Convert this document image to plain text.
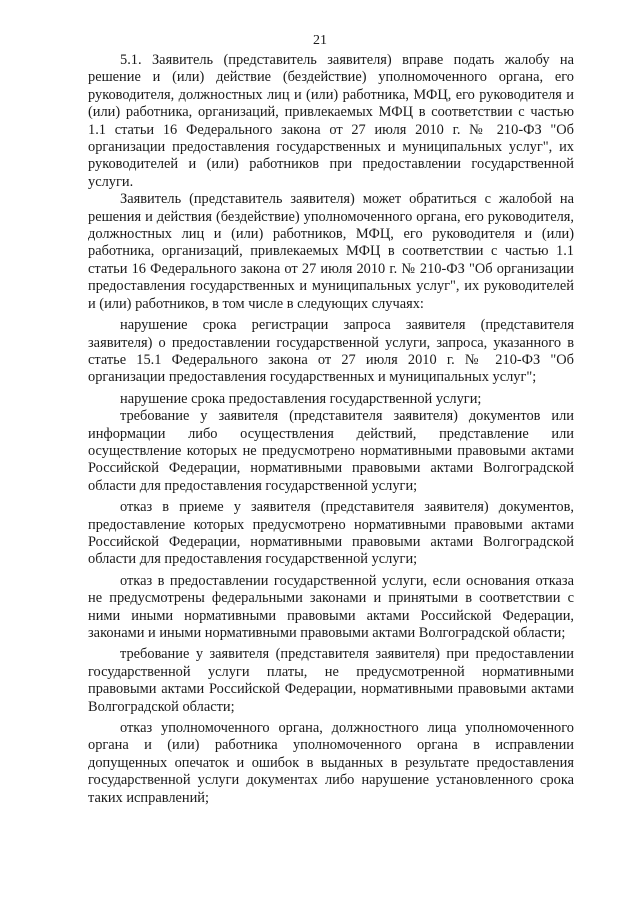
21

5.1. Заявитель (представитель заявителя) вправе подать жалобу на решение и (или) действие (бездействие) уполномоченного органа, его руководителя, должностных лиц и (или) работника, МФЦ, его руководителя и (или) работника, организаций, привлекаемых МФЦ в соответствии с частью 1.1 статьи 16 Федерального закона от 27 июля 2010 г. № 210-ФЗ "Об организации предоставления государственных и муниципальных услуг", их руководителей и (или) работников при предоставлении государственной услуги.

Заявитель (представитель заявителя) может обратиться с жалобой на решения и действия (бездействие) уполномоченного органа, его руководителя, должностных лиц и (или) работников, МФЦ, его руководителя и (или) работника, организаций, привлекаемых МФЦ в соответствии с частью 1.1 статьи 16 Федерального закона от 27 июля 2010 г. № 210-ФЗ "Об организации предоставления государственных и муниципальных услуг", их руководителей и (или) работников, в том числе в следующих случаях:

нарушение срока регистрации запроса заявителя (представителя заявителя) о предоставлении государственной услуги, запроса, указанного в статье 15.1 Федерального закона от 27 июля 2010 г. № 210-ФЗ "Об организации предоставления государственных и муниципальных услуг";

нарушение срока предоставления государственной услуги;

требование у заявителя (представителя заявителя) документов или информации либо осуществления действий, представление или осуществление которых не предусмотрено нормативными правовыми актами Российской Федерации, нормативными правовыми актами Волгоградской области для предоставления государственной услуги;

отказ в приеме у заявителя (представителя заявителя) документов, предоставление которых предусмотрено нормативными правовыми актами Российской Федерации, нормативными правовыми актами Волгоградской области для предоставления государственной услуги;

отказ в предоставлении государственной услуги, если основания отказа не предусмотрены федеральными законами и принятыми в соответствии с ними иными нормативными правовыми актами Российской Федерации, законами и иными нормативными правовыми актами Волгоградской области;

требование у заявителя (представителя заявителя) при предоставлении государственной услуги платы, не предусмотренной нормативными правовыми актами Российской Федерации, нормативными правовыми актами Волгоградской области;

отказ уполномоченного органа, должностного лица уполномоченного органа и (или) работника уполномоченного органа в исправлении допущенных опечаток и ошибок в выданных в результате предоставления государственной услуги документах либо нарушение установленного срока таких исправлений;
